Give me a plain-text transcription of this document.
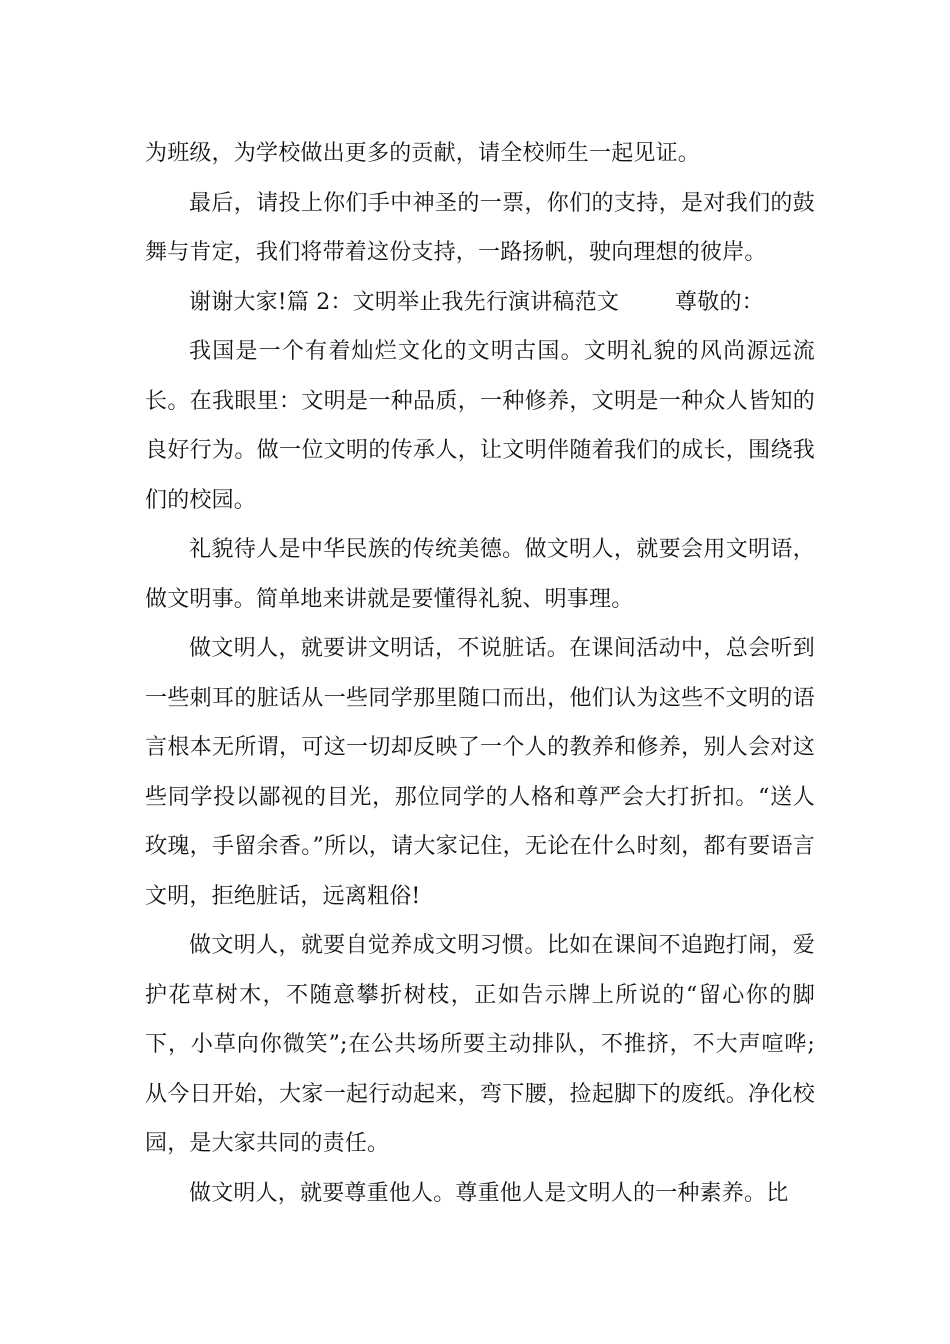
为班级，为学校做出更多的贡献，请全校师生一起见证。

最后，请投上你们手中神圣的一票，你们的支持，是对我们的鼓舞与肯定，我们将带着这份支持，一路扬帆，驶向理想的彼岸。

谢谢大家!篇 2：文明举止我先行演讲稿范文	尊敬的：

我国是一个有着灿烂文化的文明古国。文明礼貌的风尚源远流长。在我眼里：文明是一种品质，一种修养，文明是一种众人皆知的良好行为。做一位文明的传承人，让文明伴随着我们的成长，围绕我们的校园。

礼貌待人是中华民族的传统美德。做文明人，就要会用文明语，做文明事。简单地来讲就是要懂得礼貌、明事理。

做文明人，就要讲文明话，不说脏话。在课间活动中，总会听到一些刺耳的脏话从一些同学那里随口而出，他们认为这些不文明的语言根本无所谓，可这一切却反映了一个人的教养和修养，别人会对这些同学投以鄙视的目光，那位同学的人格和尊严会大打折扣。“送人玫瑰，手留余香。”所以，请大家记住，无论在什么时刻，都有要语言文明，拒绝脏话，远离粗俗!

做文明人，就要自觉养成文明习惯。比如在课间不追跑打闹，爱护花草树木，不随意攀折树枝，正如告示牌上所说的“留心你的脚下，小草向你微笑”;在公共场所要主动排队，不推挤，不大声喧哗;从今日开始，大家一起行动起来，弯下腰，捡起脚下的废纸。净化校园，是大家共同的责任。

做文明人，就要尊重他人。尊重他人是文明人的一种素养。比
